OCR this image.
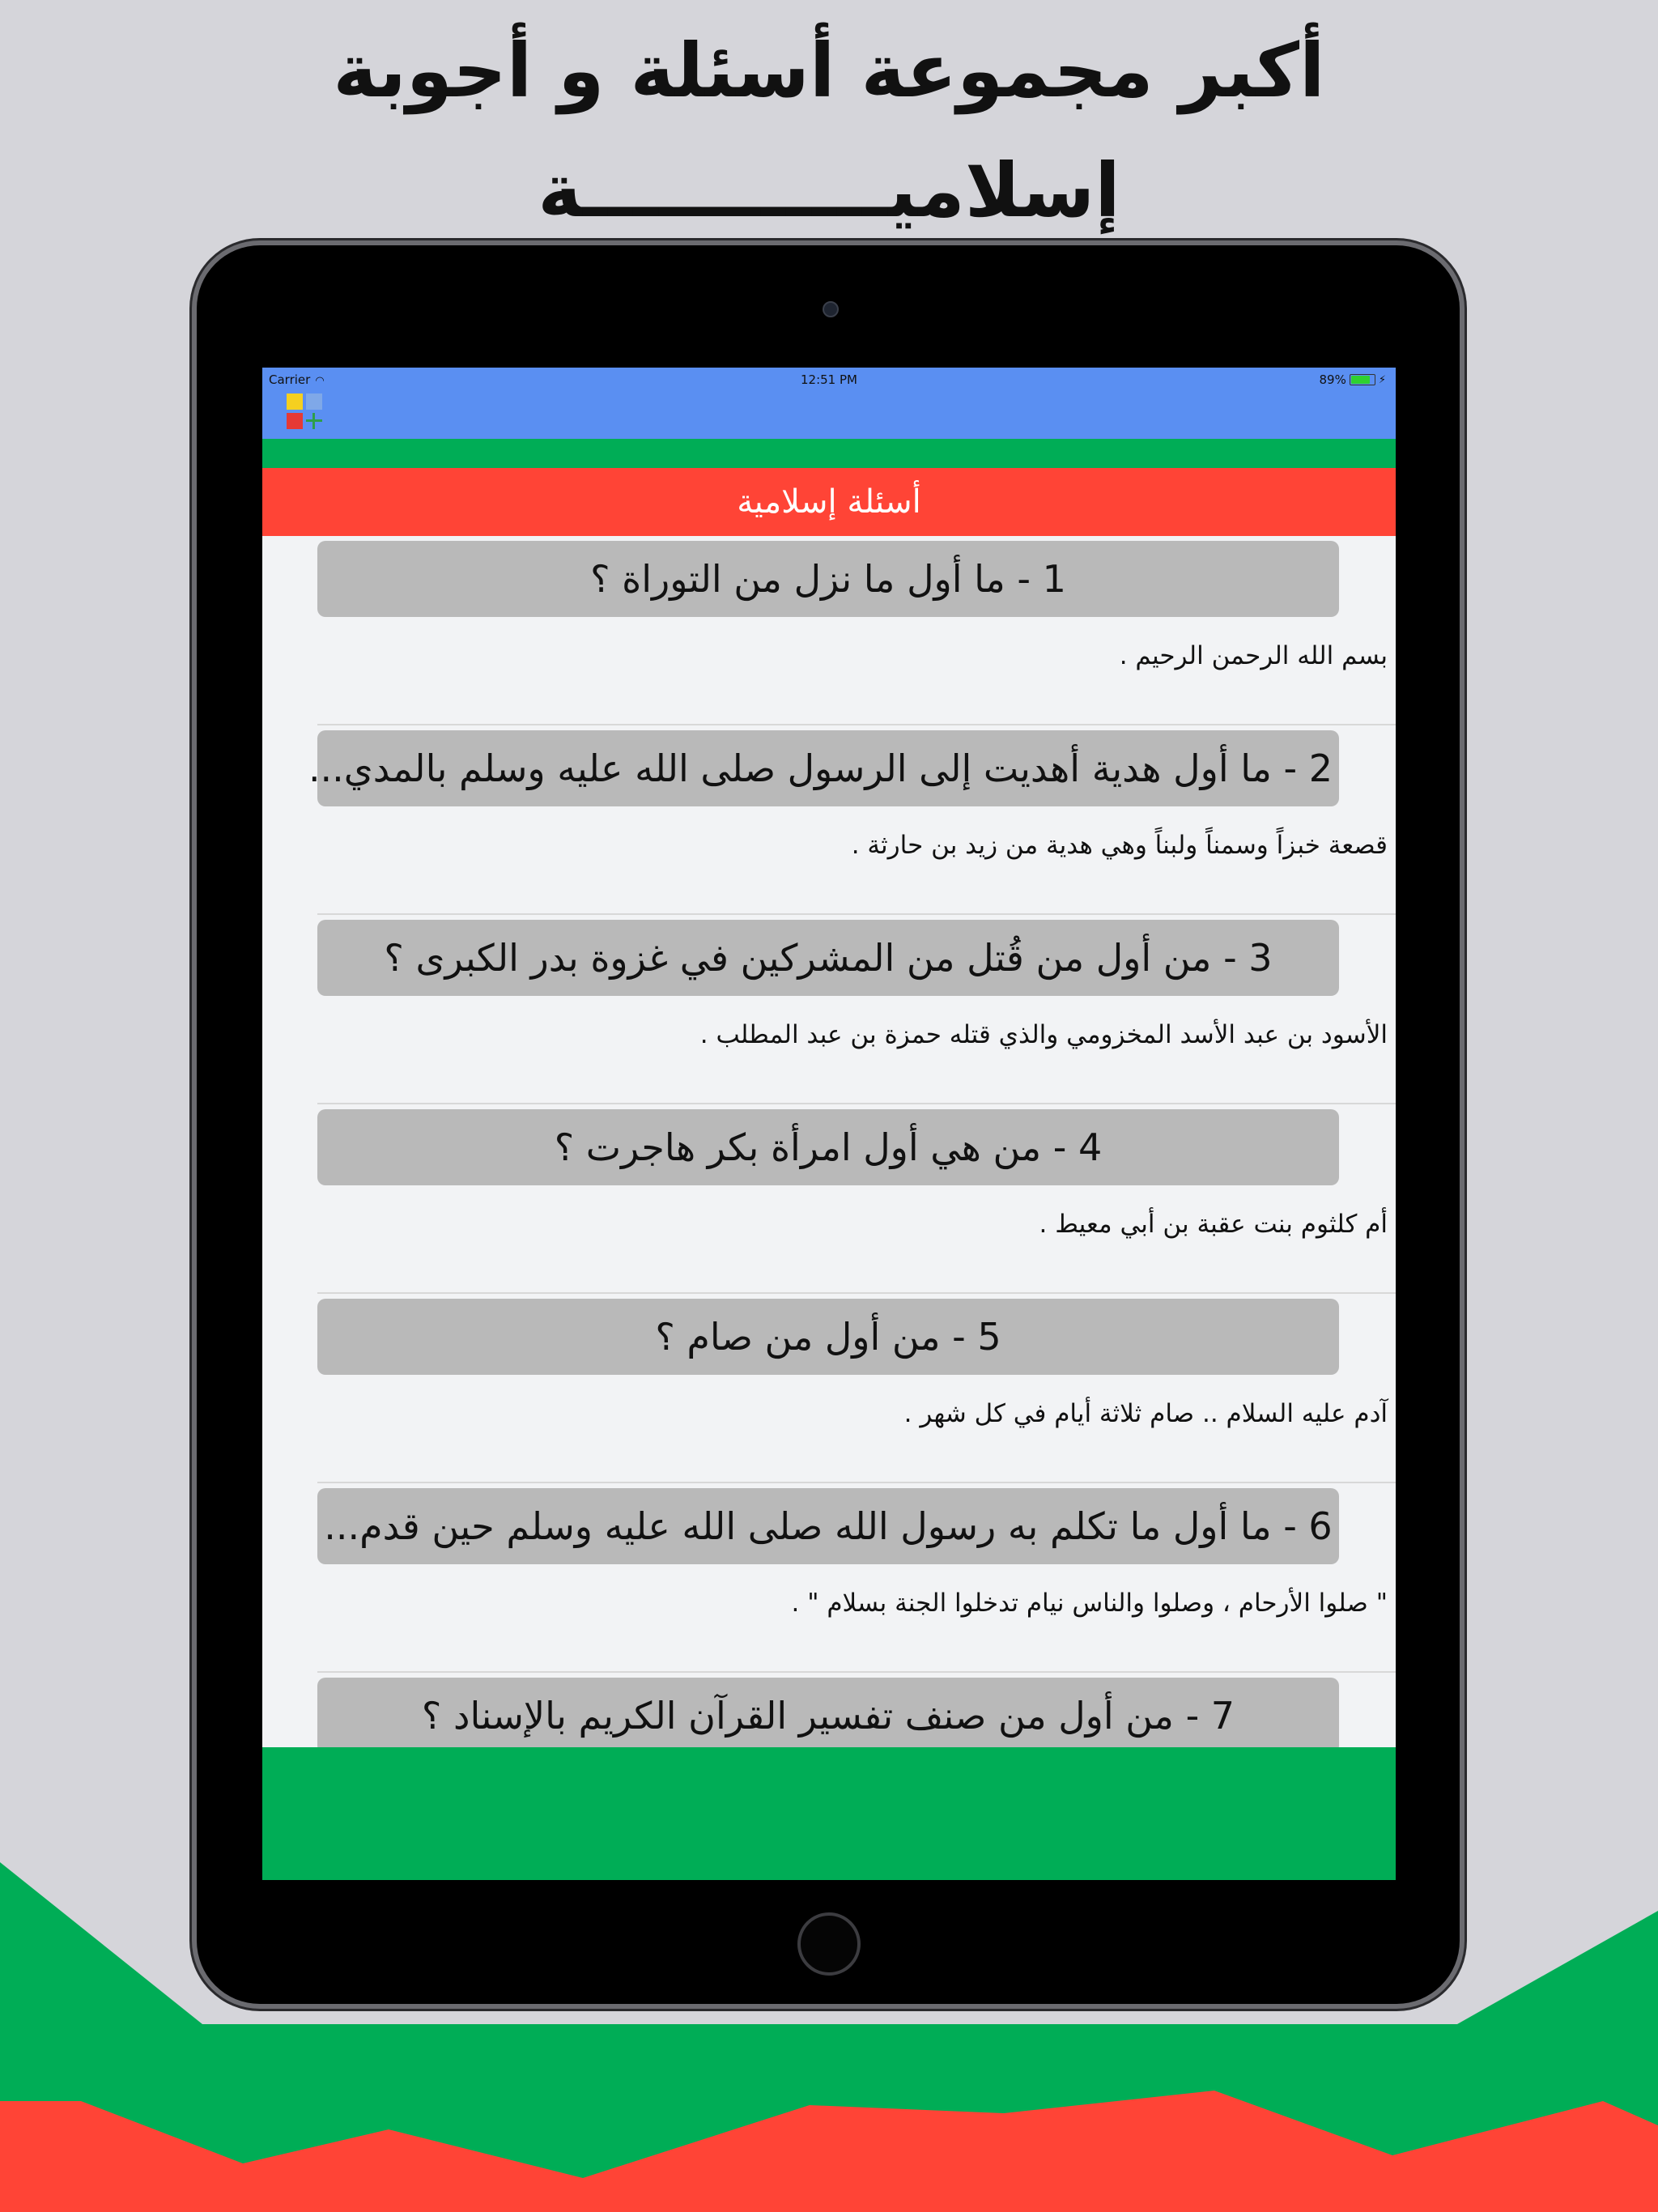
أكبر مجموعة أسئلة و أجوبة
إسلاميــــــــــــة
Carrier ◠	12:51 PM	89%	⚡
أسئلة إسلامية
1 - ما أول ما نزل من التوراة ؟
بسم الله الرحمن الرحيم .
2 - ما أول هدية أهديت إلى الرسول صلى الله عليه وسلم بالمدي...
قصعة خبزاً وسمناً ولبناً وهي هدية من زيد بن حارثة .
3 - من أول من قُتل من المشركين في غزوة بدر الكبرى ؟
الأسود بن عبد الأسد المخزومي والذي قتله حمزة بن عبد المطلب .
4 - من هي أول امرأة بكر هاجرت ؟
أم كلثوم بنت عقبة بن أبي معيط .
5 - من أول من صام ؟
آدم عليه السلام .. صام ثلاثة أيام في كل شهر .
6 - ما أول ما تكلم به رسول الله صلى الله عليه وسلم حين قدم...
" صلوا الأرحام ، وصلوا والناس نيام تدخلوا الجنة بسلام " .
7 - من أول من صنف تفسير القرآن الكريم بالإسناد ؟
